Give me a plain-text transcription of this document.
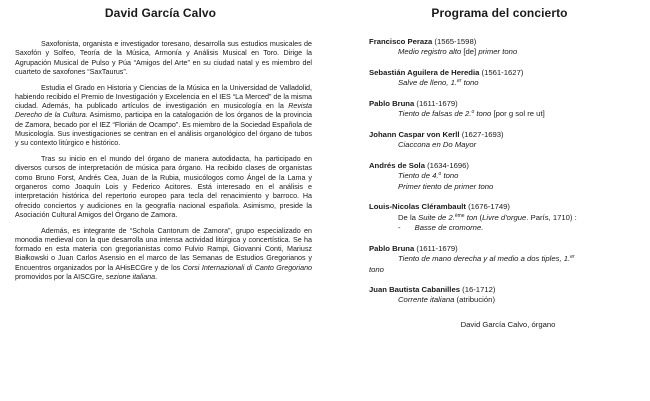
David García Calvo

Saxofonista, organista e investigador toresano, desarrolla sus estudios musicales de Saxofón y Solfeo, Teoría de la Música, Armonía y Análisis Musical en Toro. Dirige la Agrupación Musical de Pulso y Púa “Amigos del Arte” en su ciudad natal y es miembro del cuarteto de saxofones “SaxTaurus”.

Estudia el Grado en Historia y Ciencias de la Música en la Universidad de Valladolid, habiendo recibido el Premio de Investigación y Excelencia en el IES “La Merced” de la misma ciudad. Además, ha publicado artículos de investigación en musicología en la Revista Derecho de la Cultura. Asimismo, participa en la catalogación de los órganos de la provincia de Zamora, becado por el IEZ “Florián de Ocampo”. Es miembro de la Sociedad Española de Musicología. Sus investigaciones se centran en el análisis organológico del órgano de tubos y su contexto litúrgico e histórico.

Tras su inicio en el mundo del órgano de manera autodidacta, ha participado en diversos cursos de interpretación de música para órgano. Ha recibido clases de organistas como Bruno Forst, Andrés Cea, Juan de la Rubia, musicólogos como Ángel de la Lama y organeros como Joaquín Lois y Federico Acitores. Está interesado en el análisis e interpretación histórica del repertorio europeo para tecla del renacimiento y barroco. Ha ofrecido conciertos y audiciones en la geografía nacional española. Asimismo, preside la Asociación Cultural Amigos del Órgano de Zamora.

Además, es integrante de “Schola Cantorum de Zamora”, grupo especializado en monodia medieval con la que desarrolla una intensa actividad litúrgica y concertística. Se ha formado en esta materia con gregorianistas como Fulvio Rampi, Giovanni Conti, Mariusz Białkowski o Juan Carlos Asensio en el marco de las Semanas de Estudios Gregorianos y Encuentros organizados por la AHisECGre y de los Corsi Internazionali di Canto Gregoriano promovidos por la AISCGre, sezione italiana.

Programa del concierto
Francisco Peraza (1565-1598)
Medio registro alto [de] primer tono
Sebastián Aguilera de Heredia (1561-1627)
Salve de lleno, 1.$^{er}$ tono
Pablo Bruna (1611-1679)
Tiento de falsas de 2.$^o$ tono [por g sol re ut]
Johann Caspar von Kerll (1627-1693)
Ciaccona en Do Mayor
Andrés de Sola (1634-1696)
Tiento de 4.$^o$ tono
Primer tiento de primer tono
Louis-Nicolas Clérambault (1676-1749)
De la Suite de 2.$^{ème}$ ton (Livre d'orgue. París, 1710) :
- Basse de cromorne.
Pablo Bruna (1611-1679)
Tiento de mano derecha y al medio a dos tiples, 1.$^{er}$
tono
Juan Bautista Cabanilles (16-1712)
Corrente italiana (atribución)
David García Calvo, órgano
